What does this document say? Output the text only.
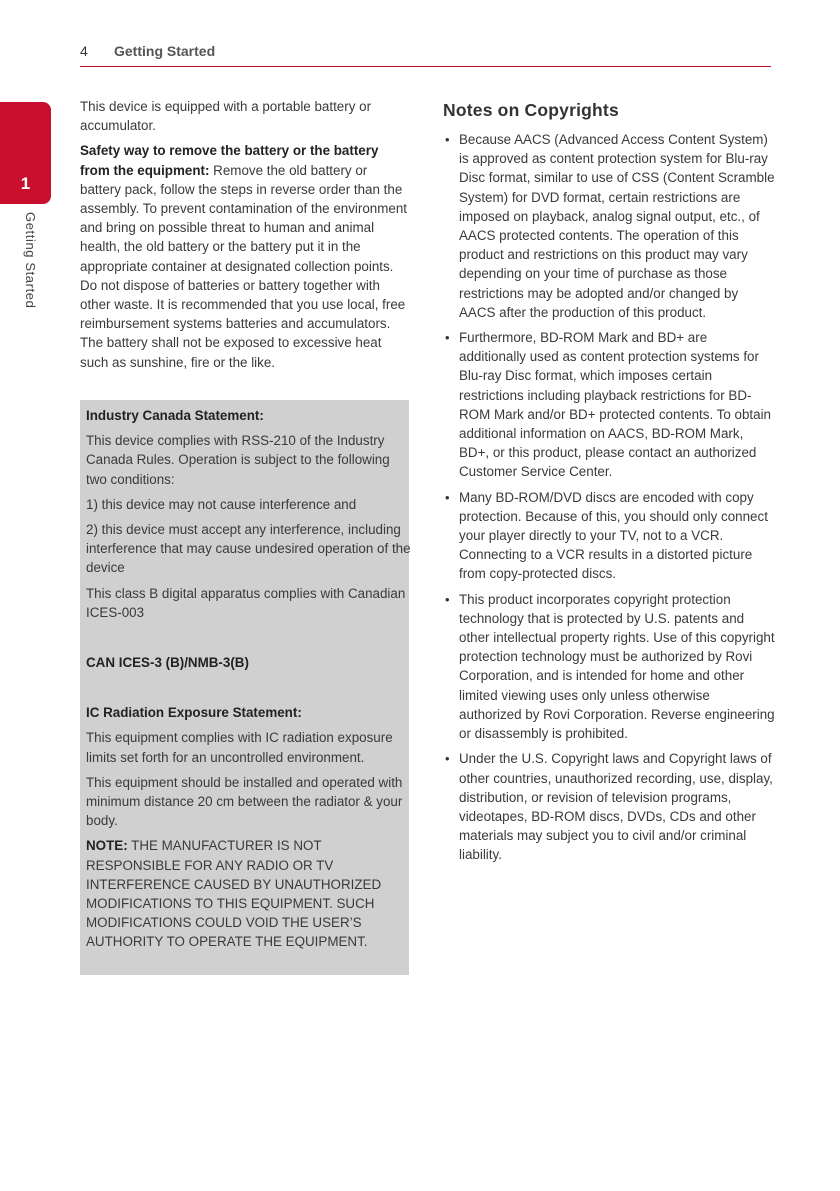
4 Getting Started
1
Getting Started

This device is equipped with a portable battery or accumulator.

Safety way to remove the battery or the battery from the equipment: Remove the old battery or battery pack, follow the steps in reverse order than the assembly. To prevent contamination of the environment and bring on possible threat to human and animal health, the old battery or the battery put it in the appropriate container at designated collection points. Do not dispose of batteries or battery together with other waste. It is recommended that you use local, free reimbursement systems batteries and accumulators. The battery shall not be exposed to excessive heat such as sunshine, fire or the like.

Industry Canada Statement:

This device complies with RSS-210 of the Industry Canada Rules. Operation is subject to the following two conditions:

1) this device may not cause interference and

2) this device must accept any interference, including interference that may cause undesired operation of the device

This class B digital apparatus complies with Canadian ICES-003

CAN ICES-3 (B)/NMB-3(B)

IC Radiation Exposure Statement:

This equipment complies with IC radiation exposure limits set forth for an uncontrolled environment.

This equipment should be installed and operated with minimum distance 20 cm between the radiator & your body.

NOTE: THE MANUFACTURER IS NOT RESPONSIBLE FOR ANY RADIO OR TV INTERFERENCE CAUSED BY UNAUTHORIZED MODIFICATIONS TO THIS EQUIPMENT. SUCH MODIFICATIONS COULD VOID THE USER’S AUTHORITY TO OPERATE THE EQUIPMENT.

Notes on Copyrights
• Because AACS (Advanced Access Content System) is approved as content protection system for Blu-ray Disc format, similar to use of CSS (Content Scramble System) for DVD format, certain restrictions are imposed on playback, analog signal output, etc., of AACS protected contents. The operation of this product and restrictions on this product may vary depending on your time of purchase as those restrictions may be adopted and/or changed by AACS after the production of this product.
• Furthermore, BD-ROM Mark and BD+ are additionally used as content protection systems for Blu-ray Disc format, which imposes certain restrictions including playback restrictions for BD-ROM Mark and/or BD+ protected contents. To obtain additional information on AACS, BD-ROM Mark, BD+, or this product, please contact an authorized Customer Service Center.
• Many BD-ROM/DVD discs are encoded with copy protection. Because of this, you should only connect your player directly to your TV, not to a VCR. Connecting to a VCR results in a distorted picture from copy-protected discs.
• This product incorporates copyright protection technology that is protected by U.S. patents and other intellectual property rights. Use of this copyright protection technology must be authorized by Rovi Corporation, and is intended for home and other limited viewing uses only unless otherwise authorized by Rovi Corporation. Reverse engineering or disassembly is prohibited.
• Under the U.S. Copyright laws and Copyright laws of other countries, unauthorized recording, use, display, distribution, or revision of television programs, videotapes, BD-ROM discs, DVDs, CDs and other materials may subject you to civil and/or criminal liability.
